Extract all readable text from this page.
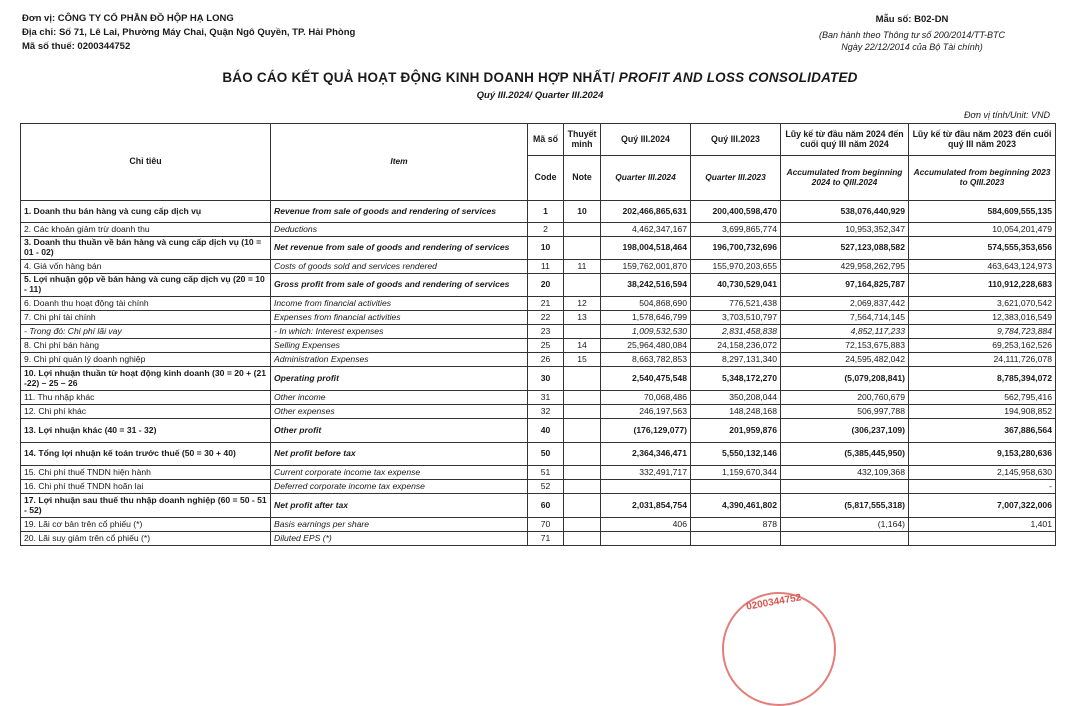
Đơn vị: CÔNG TY CỔ PHẦN ĐỒ HỘP HẠ LONG
Địa chỉ: Số 71, Lê Lai, Phường Máy Chai, Quận Ngô Quyền, TP. Hải Phòng
Mã số thuế: 0200344752
Mẫu số: B02-DN
(Ban hành theo Thông tư số 200/2014/TT-BTC
Ngày 22/12/2014 của Bộ Tài chính)
BÁO CÁO KẾT QUẢ HOẠT ĐỘNG KINH DOANH HỢP NHẤT/ PROFIT AND LOSS CONSOLIDATED
Quý III.2024/ Quarter III.2024
Đơn vị tính/Unit: VND
Chỉ tiêu	Item	Mã số	Thuyết minh	Quý III.2024	Quý III.2023	Lũy kế từ đầu năm 2024 đến cuối quý III năm 2024	Lũy kế từ đầu năm 2023 đến cuối quý III năm 2023
		Code	Note	Quarter III.2024	Quarter III.2023	Accumulated from beginning 2024 to QIII.2024	Accumulated from beginning 2023 to QIII.2023
1. Doanh thu bán hàng và cung cấp dịch vụ	Revenue from sale of goods and rendering of services	1	10	202,466,865,631	200,400,598,470	538,076,440,929	584,609,555,135
2. Các khoản giảm trừ doanh thu	Deductions	2		4,462,347,167	3,699,865,774	10,953,352,347	10,054,201,479
3. Doanh thu thuần về bán hàng và cung cấp dịch vụ (10 = 01 - 02)	Net revenue from sale of goods and rendering of services	10		198,004,518,464	196,700,732,696	527,123,088,582	574,555,353,656
4. Giá vốn hàng bán	Costs of goods sold and services rendered	11	11	159,762,001,870	155,970,203,655	429,958,262,795	463,643,124,973
5. Lợi nhuận gộp về bán hàng và cung cấp dịch vụ (20 = 10 - 11)	Gross profit from sale of goods and rendering of services	20		38,242,516,594	40,730,529,041	97,164,825,787	110,912,228,683
6. Doanh thu hoạt động tài chính	Income from financial activities	21	12	504,868,690	776,521,438	2,069,837,442	3,621,070,542
7. Chi phí tài chính	Expenses from financial activities	22	13	1,578,646,799	3,703,510,797	7,564,714,145	12,383,016,549
- Trong đó: Chi phí lãi vay	- In which: Interest expenses	23		1,009,532,530	2,831,458,838	4,852,117,233	9,784,723,884
8. Chi phí bán hàng	Selling Expenses	25	14	25,964,480,084	24,158,236,072	72,153,675,883	69,253,162,526
9. Chi phí quản lý doanh nghiệp	Administration Expenses	26	15	8,663,782,853	8,297,131,340	24,595,482,042	24,111,726,078
10. Lợi nhuận thuần từ hoạt động kinh doanh (30 = 20 + (21 -22) – 25 – 26	Operating profit	30		2,540,475,548	5,348,172,270	(5,079,208,841)	8,785,394,072
11. Thu nhập khác	Other income	31		70,068,486	350,208,044	200,760,679	562,795,416
12. Chi phí khác	Other expenses	32		246,197,563	148,248,168	506,997,788	194,908,852
13. Lợi nhuận khác (40 = 31 - 32)	Other profit	40		(176,129,077)	201,959,876	(306,237,109)	367,886,564
14. Tổng lợi nhuận kế toán trước thuế (50 = 30 + 40)	Net profit before tax	50		2,364,346,471	5,550,132,146	(5,385,445,950)	9,153,280,636
15. Chi phí thuế TNDN hiện hành	Current corporate income tax expense	51		332,491,717	1,159,670,344	432,109,368	2,145,958,630
16. Chi phí thuế TNDN hoãn lại	Deferred corporate income tax expense	52					-
17. Lợi nhuận sau thuế thu nhập doanh nghiệp (60 = 50 - 51 - 52)	Net profit after tax	60		2,031,854,754	4,390,461,802	(5,817,555,318)	7,007,322,006
19. Lãi cơ bản trên cổ phiếu (*)	Basis earnings per share	70		406	878	(1,164)	1,401
20. Lãi suy giảm trên cổ phiếu (*)	Diluted EPS (*)	71					
0200344752
